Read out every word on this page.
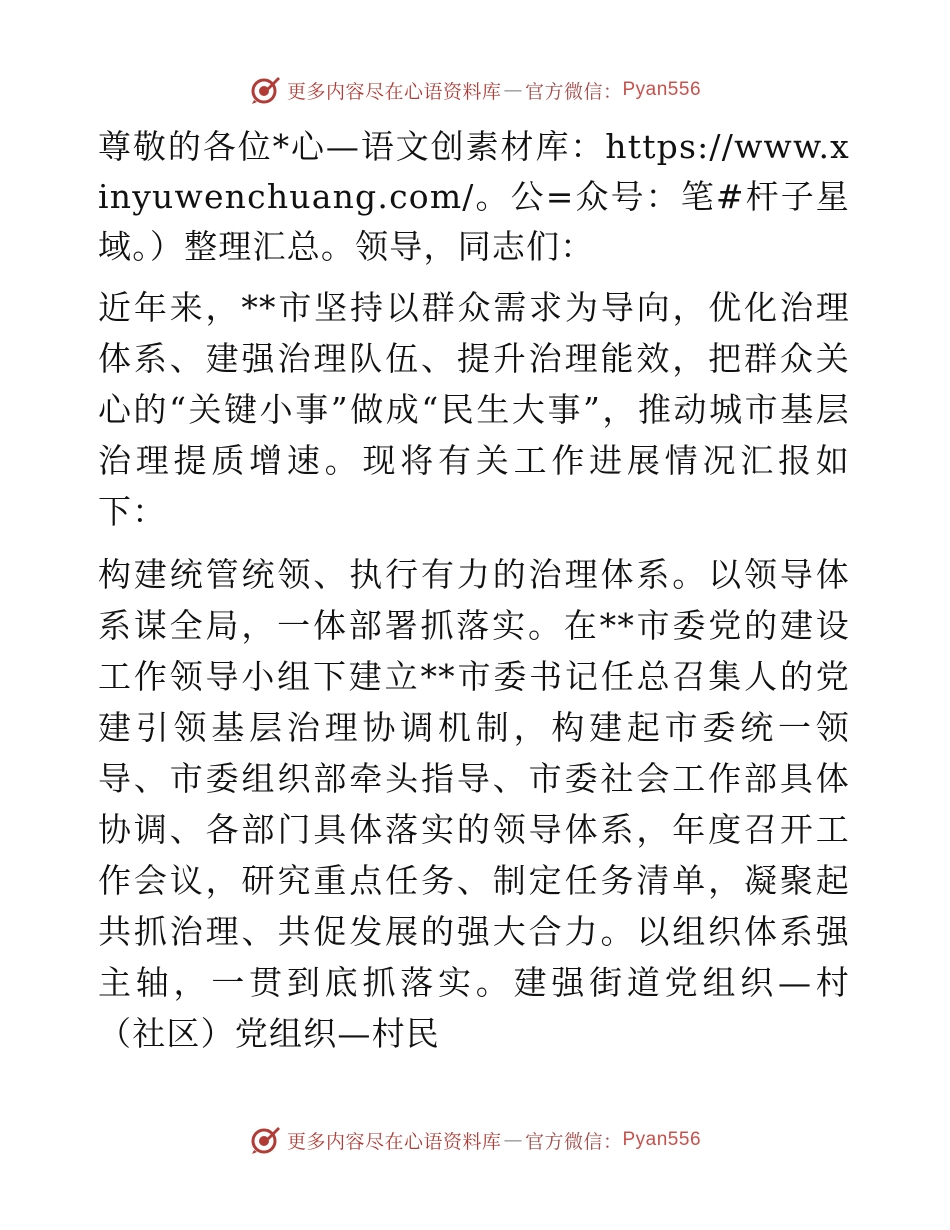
更多内容尽在心语资料库 — 官方微信： Pyan556

尊敬的各位*心—语文创素材库：https://www.xinyuwenchuang.com/。公=众号：笔#杆子星域。）整理汇总。领导，同志们：

近年来，**市坚持以群众需求为导向，优化治理体系、建强治理队伍、提升治理能效，把群众关心的“关键小事”做成“民生大事”，推动城市基层治理提质增速。现将有关工作进展情况汇报如下：

构建统管统领、执行有力的治理体系。以领导体系谋全局，一体部署抓落实。在**市委党的建设工作领导小组下建立**市委书记任总召集人的党建引领基层治理协调机制，构建起市委统一领导、市委组织部牵头指导、市委社会工作部具体协调、各部门具体落实的领导体系，年度召开工作会议，研究重点任务、制定任务清单，凝聚起共抓治理、共促发展的强大合力。以组织体系强主轴，一贯到底抓落实。建强街道党组织—村（社区）党组织—村民

更多内容尽在心语资料库 — 官方微信： Pyan556
